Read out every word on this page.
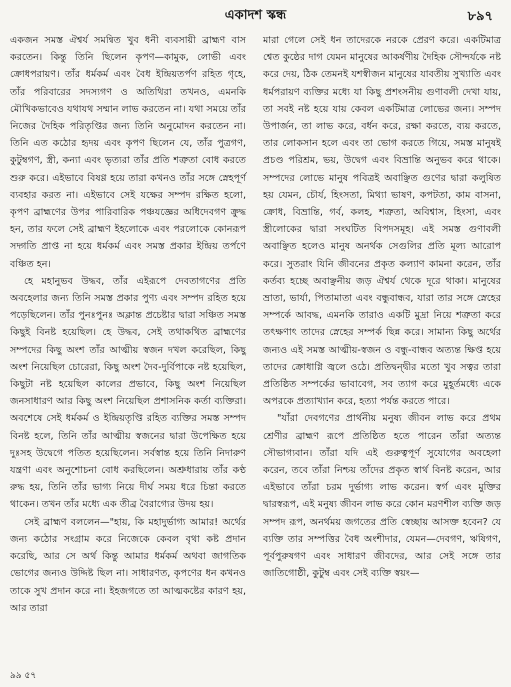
একাদশ স্কন্ধ	৮৯৭

একজন সমস্ত ঐশ্বর্য সমন্বিত খুব ধনী ব্যবসায়ী ব্রাহ্মণ বাস করতেন। কিন্তু তিনি ছিলেন কৃপণ—কামুক, লোভী এবং ক্রোধপরায়ণ। তাঁর ধর্মকর্ম এবং বৈধ ইন্দ্রিয়তর্পণ রহিত গৃহে, তাঁর পরিবারের সদস্যগণ ও অতিথিরা তখনও, এমনকি মৌখিকভাবেও যথাযথ সম্মান লাভ করতেন না। যথা সময়ে তাঁর নিজের দৈহিক পরিতৃপ্তির জন্য তিনি অনুমোদন করতেন না। তিনি এত কঠোর হৃদয় এবং কৃপণ ছিলেন যে, তাঁর পুত্রগণ, কুটুম্বগণ, স্ত্রী, কন্যা এবং ভৃত্যরা তাঁর প্রতি শত্রুতা বোধ করতে শুরু করে। এইভাবে বিষণ্ণ হয়ে তারা কখনও তাঁর সঙ্গে স্নেহপূর্ণ ব্যবহার করত না। এইভাবে সেই যক্ষের সম্পদ রক্ষিত হলো, কৃপণ ব্রাহ্মণের উপর পারিবারিক পঞ্চযজ্ঞের অধিদেবগণ ক্রুদ্ধ হন, তার ফলে সেই ব্রাহ্মণ ইহলোকে এবং পরলোকে কোনরূপ সদ্গতি প্রাপ্ত না হয়ে ধর্মকর্ম এবং সমস্ত প্রকার ইন্দ্রিয় তর্পণে বঞ্চিত হন।

হে মহানুভব উদ্ধব, তাঁর এইরূপে দেবতাগণের প্রতি অবহেলার জন্য তিনি সমস্ত প্রকার পুণ্য এবং সম্পদ রহিত হয়ে পড়েছিলেন। তাঁর পুনঃপুনঃ অক্লান্ত প্রচেষ্টার দ্বারা সঞ্চিত সমস্ত কিছুই বিনষ্ট হয়েছিল। হে উদ্ধব, সেই তথাকথিত ব্রাহ্মণের সম্পদের কিছু অংশ তাঁর আত্মীয় স্বজন দখল করেছিল, কিছু অংশ নিয়েছিল চোরেরা, কিছু অংশ দৈব-দুর্বিপাকে নষ্ট হয়েছিল, কিছুটা নষ্ট হয়েছিল কালের প্রভাবে, কিছু অংশ নিয়েছিল জনসাধারণ আর কিছু অংশ নিয়েছিল প্রশাসনিক কর্তা ব্যক্তিরা। অবশেষে সেই ধর্মকর্ম ও ইন্দ্রিয়তৃপ্তি রহিত ব্যক্তির সমস্ত সম্পদ বিনষ্ট হলে, তিনি তাঁর আত্মীয় স্বজনের দ্বারা উপেক্ষিত হয়ে দুঃসহ উদ্বেগে পতিত হয়েছিলেন। সর্বস্বান্ত হয়ে তিনি নিদারুণ যন্ত্রণা এবং অনুশোচনা বোধ করছিলেন। অশ্রুধারায় তাঁর কণ্ঠ রুদ্ধ হয়, তিনি তাঁর ভাগ্য নিয়ে দীর্ঘ সময় ধরে চিন্তা করতে থাকেন। তখন তাঁর মধ্যে এক তীব্র বৈরাগ্যের উদয় হয়।

সেই ব্রাহ্মণ বললেন—"হায়, কি মহাদুর্ভাগ্য আমার! অর্থের জন্য কঠোর সংগ্রাম করে নিজেকে কেবল বৃথা কষ্ট প্রদান করেছি, আর সে অর্থ কিন্তু আমার ধর্মকর্ম অথবা জাগতিক ভোগের জন্যও উদ্দিষ্ট ছিল না। সাধারণত, কৃপণের ধন কখনও তাকে সুখ প্রদান করে না। ইহজগতে তা আত্মকষ্টের কারণ হয়, আর তারা

মারা গেলে সেই ধন তাদেরকে নরকে প্রেরণ করে। একটিমাত্র শ্বেত কুষ্ঠের দাগ যেমন মানুষের আকর্ষণীয় দৈহিক সৌন্দর্যকে নষ্ট করে দেয়, ঠিক তেমনই যশস্বীজন মানুষের যাবতীয় সুখ্যাতি এবং ধর্মপরায়ণ ব্যক্তির মধ্যে যা কিছু প্রশংসনীয় গুণাবলী দেখা যায়, তা সবই নষ্ট হয়ে যায় কেবল একটিমাত্র লোভের জন্য। সম্পদ উপার্জন, তা লাভ করে, বর্ধন করে, রক্ষা করতে, ব্যয় করতে, তার লোকসান হলে এবং তা ভোগ করতে গিয়ে, সমস্ত মানুষই প্রচণ্ড পরিশ্রম, ভয়, উদ্বেগ এবং বিভ্রান্তি অনুভব করে থাকে। সম্পদের লোভে মানুষ পবিত্রই অবাঞ্ছিত গুণের দ্বারা কলুষিত হয় যেমন, চৌর্য, হিংসতা, মিথ্যা ভাষণ, কপটতা, কাম বাসনা, ক্রোধ, বিভ্রান্তি, গর্ব, কলহ, শত্রুতা, অবিশ্বাস, হিংসা, এবং স্ত্রীলোকের দ্বারা সংঘটিত বিপদসমূহ। এই সমস্ত গুণাবলী অবাঞ্ছিত হলেও মানুষ অনর্থক সেগুলির প্রতি মূল্য আরোপ করে। সুতরাং যিনি জীবনের প্রকৃত কল্যাণ কামনা করেন, তাঁর কর্তব্য হচ্ছে অবাঞ্ছনীয় জড় ঐশ্বর্য থেকে দূরে থাকা। মানুষের ভ্রাতা, ভার্যা, পিতামাতা এবং বন্ধুবান্ধব, যারা তার সঙ্গে স্নেহের সম্পর্কে আবদ্ধ, এমনকি তারাও একটি মুদ্রা নিয়ে শত্রুতা করে তৎক্ষণাৎ তাদের স্নেহের সম্পর্ক ছিন্ন করে। সামান্য কিছু অর্থের জন্যও এই সমস্ত আত্মীয়-স্বজন ও বন্ধু-বান্ধব অত্যন্ত ক্ষিপ্ত হয়ে তাদের ক্রোধাগ্নি জ্বলে ওঠে। প্রতিদ্বন্দ্বীর মতো খুব সত্বর তারা প্রতিষ্ঠিত সম্পর্কের ভাবাবেগ, সব ত্যাগ করে মুহূর্তমধ্যে একে অপরকে প্রত্যাখ্যান করে, হত্যা পর্যন্ত করতে পারে।

"যাঁরা দেবগণের প্রার্থনীয় মনুষ্য জীবন লাভ করে প্রথম শ্রেণীর ব্রাহ্মণ রূপে প্রতিষ্ঠিত হতে পারেন তাঁরা অত্যন্ত সৌভাগ্যবান। তাঁরা যদি এই গুরুত্বপূর্ণ সুযোগের অবহেলা করেন, তবে তাঁরা নিশ্চয় তাঁদের প্রকৃত স্বার্থ বিনষ্ট করেন, আর এইভাবে তাঁরা চরম দুর্ভাগ্য লাভ করেন। স্বর্গ এবং মুক্তির দ্বারস্বরূপ, এই মনুষ্য জীবন লাভ করে কোন মরণশীল ব্যক্তি জড় সম্পদ রূপ, অনর্থময় জগতের প্রতি স্বেচ্ছায় আসক্ত হবেন? যে ব্যক্তি তার সম্পত্তির বৈধ অংশীদার, যেমন—দেবগণ, ঋষিগণ, পূর্বপুরুষগণ এবং সাধারণ জীবদের, আর সেই সঙ্গে তার জাতিগোষ্ঠী, কুটুম্ব এবং সেই ব্যক্তি স্বয়ং—

৯৯ ৫৭
